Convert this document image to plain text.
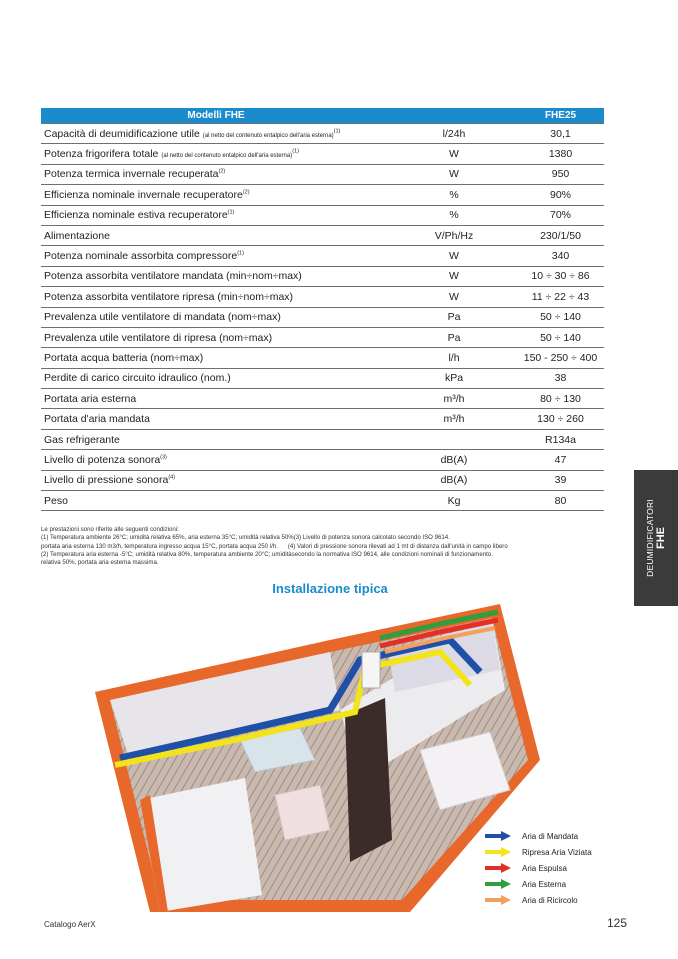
Modelli FHE		FHE25
Capacità di deumidificazione utile (al netto del contenuto entalpico dell'aria esterna)$^{(1)}$	l/24h	30,1
Potenza frigorifera totale (al netto del contenuto entalpico dell'aria esterna)$^{(1)}$	W	1380
Potenza termica invernale recuperata$^{(2)}$	W	950
Efficienza nominale invernale recuperatore$^{(2)}$	%	90%
Efficienza nominale estiva recuperatore$^{(1)}$	%	70%
Alimentazione	V/Ph/Hz	230/1/50
Potenza nominale assorbita compressore$^{(1)}$	W	340
Potenza assorbita ventilatore mandata (min÷nom÷max)	W	10 ÷ 30 ÷ 86
Potenza assorbita ventilatore ripresa (min÷nom÷max)	W	11 ÷ 22 ÷ 43
Prevalenza utile ventilatore di mandata (nom÷max)	Pa	50 ÷ 140
Prevalenza utile ventilatore di ripresa (nom÷max)	Pa	50 ÷ 140
Portata acqua batteria (nom÷max)	l/h	150 - 250 ÷ 400
Perdite di carico circuito idraulico (nom.)	kPa	38
Portata aria esterna	m³/h	80 ÷ 130
Portata d'aria mandata	m³/h	130 ÷ 260
Gas refrigerante		R134a
Livello di potenza sonora$^{(3)}$	dB(A)	47
Livello di pressione sonora$^{(4)}$	dB(A)	39
Peso	Kg	80
Le prestazioni sono riferite alle seguenti condizioni:
(1) Temperatura ambiente 26°C; umidità relativa 65%, aria esterna 35°C; umidità relativa 50%(3) Livello di potenza sonora calcolato secondo ISO 9614.
portata aria esterna 130 m3/h, temperatura ingresso acqua 15°C, portata acqua 250 l/h. (4) Valori di pressione sonora rilevati ad 1 mt di distanza dall'unità in campo libero
(2) Temperatura aria esterna -5°C; umidità relativa 80%, temperatura ambiente 20°C; umiditàsecondo la normativa ISO 9614, alle condizioni nominali di funzionamento.
relativa 50%, portata aria esterna massima.	DEUMIDIFICATORI FHE
Installazione tipica
Aria di Mandata
Ripresa Aria Viziata
Aria Espulsa
Aria Esterna
Aria di Ricircolo
Catalogo AerX	125
